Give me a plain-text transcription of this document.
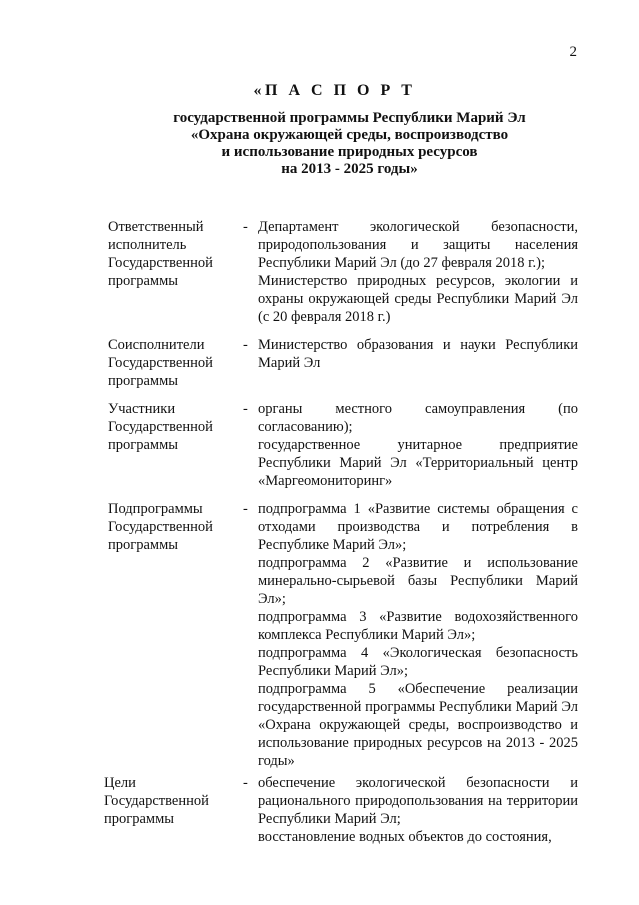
2
«П А С П О Р Т
государственной программы Республики Марий Эл
«Охрана окружающей среды, воспроизводство
и использование природных ресурсов
на 2013 - 2025 годы»
Ответственный
исполнитель
Государственной
программы
- Департамент экологической безопасности, природопользования и защиты населения Республики Марий Эл (до 27 февраля 2018 г.);

Министерство природных ресурсов, экологии и охраны окружающей среды Республики Марий Эл (с 20 февраля 2018 г.)

Соисполнители
Государственной
программы
- Министерство образования и науки Республики Марий Эл

Участники
Государственной
программы
- органы местного самоуправления (по согласованию);

государственное унитарное предприятие Республики Марий Эл «Территориальный центр «Маргеомониторинг»

Подпрограммы
Государственной
программы
- подпрограмма 1 «Развитие системы обращения с отходами производства и потребления в Республике Марий Эл»;

подпрограмма 2 «Развитие и использование минерально-сырьевой базы Республики Марий Эл»;

подпрограмма 3 «Развитие водохозяйственного комплекса Республики Марий Эл»;

подпрограмма 4 «Экологическая безопасность Республики Марий Эл»;

подпрограмма 5 «Обеспечение реализации государственной программы Республики Марий Эл «Охрана окружающей среды, воспроизводство и использование природных ресурсов на 2013 - 2025 годы»

Цели
Государственной
программы
- обеспечение экологической безопасности и рационального природопользования на территории Республики Марий Эл;

восстановление водных объектов до состояния,
